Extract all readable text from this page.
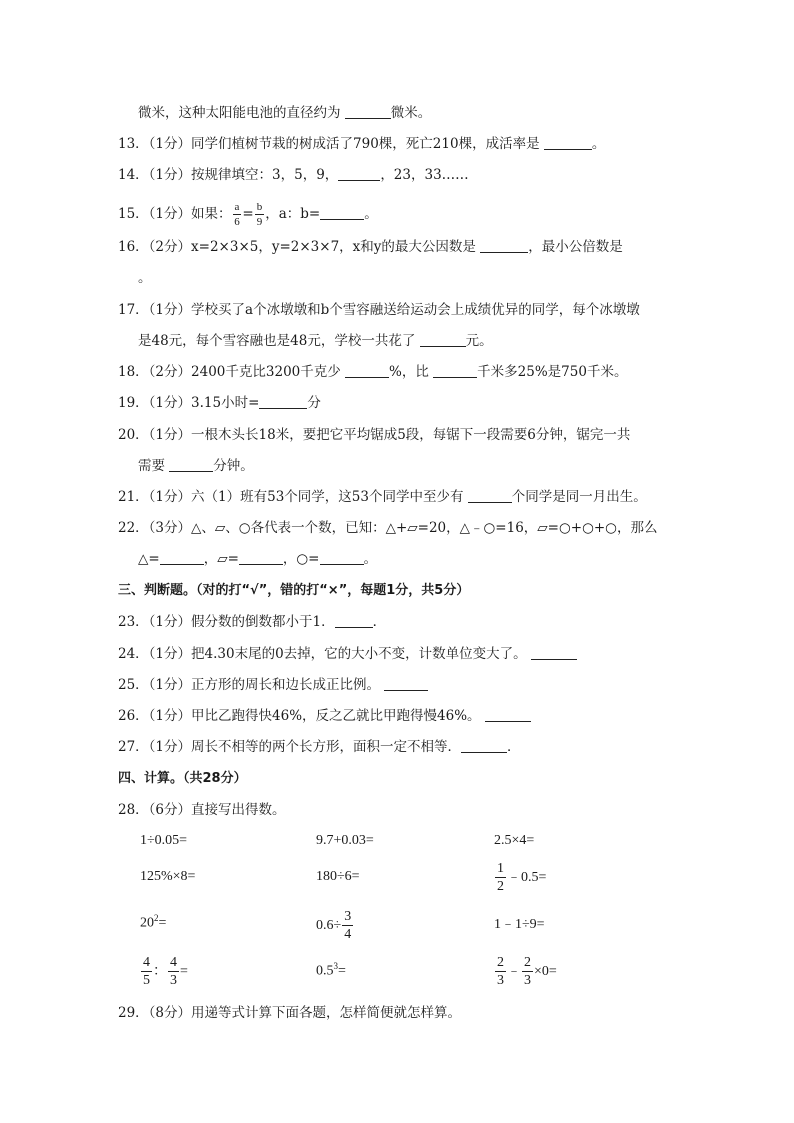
微米，这种太阳能电池的直径约为	微米。
13．（1分）同学们植树节栽的树成活了790棵，死亡210棵，成活率是	。
14．（1分）按规律填空：3，5，9，	，23，33……
15．（1分）如果： $\frac{a}{6} = \frac{b}{9}$ ，a：b=	。
16．（2分）x=2×3×5，y=2×3×7，x和y的最大公因数是	，最小公倍数是
。
17．（1分）学校买了a个冰墩墩和b个雪容融送给运动会上成绩优异的同学，每个冰墩墩
是48元，每个雪容融也是48元，学校一共花了	元。
18．（2分）2400千克比3200千克少	%，比	千米多25%是750千米。
19．（1分）3.15小时=	分
20．（1分）一根木头长18米，要把它平均锯成5段，每锯下一段需要6分钟，锯完一共
需要	分钟。
21．（1分）六（1）班有53个同学，这53个同学中至少有	个同学是同一月出生。
22．（3分）△、▱、○各代表一个数，已知：△+▱=20，△﹣○=16，▱=○+○+○，那么
△=	，▱=	，○=	。
三、判断题。（对的打“√”，错的打“×”，每题1分，共5分）
23．（1分）假分数的倒数都小于1．	．
24．（1分）把4.30末尾的0去掉，它的大小不变，计数单位变大了。
25．（1分）正方形的周长和边长成正比例。
26．（1分）甲比乙跑得快46%，反之乙就比甲跑得慢46%。
27．（1分）周长不相等的两个长方形，面积一定不相等．	．
四、计算。（共28分）
28．（6分）直接写出得数。
1÷0.05=	9.7+0.03=	2.5×4=
125%×8=	180÷6=	$\frac{1}{2}$ ﹣0.5=
$20^2=$	$0.6\div \frac{3}{4}$	1﹣1÷9=
$\frac{4}{5}$ ： $\frac{4}{3}$ =	$0.5^3=$	$\frac{2}{3}$ ﹣ $\frac{2}{3} \times 0=$
29．（8分）用递等式计算下面各题，怎样简便就怎样算。
